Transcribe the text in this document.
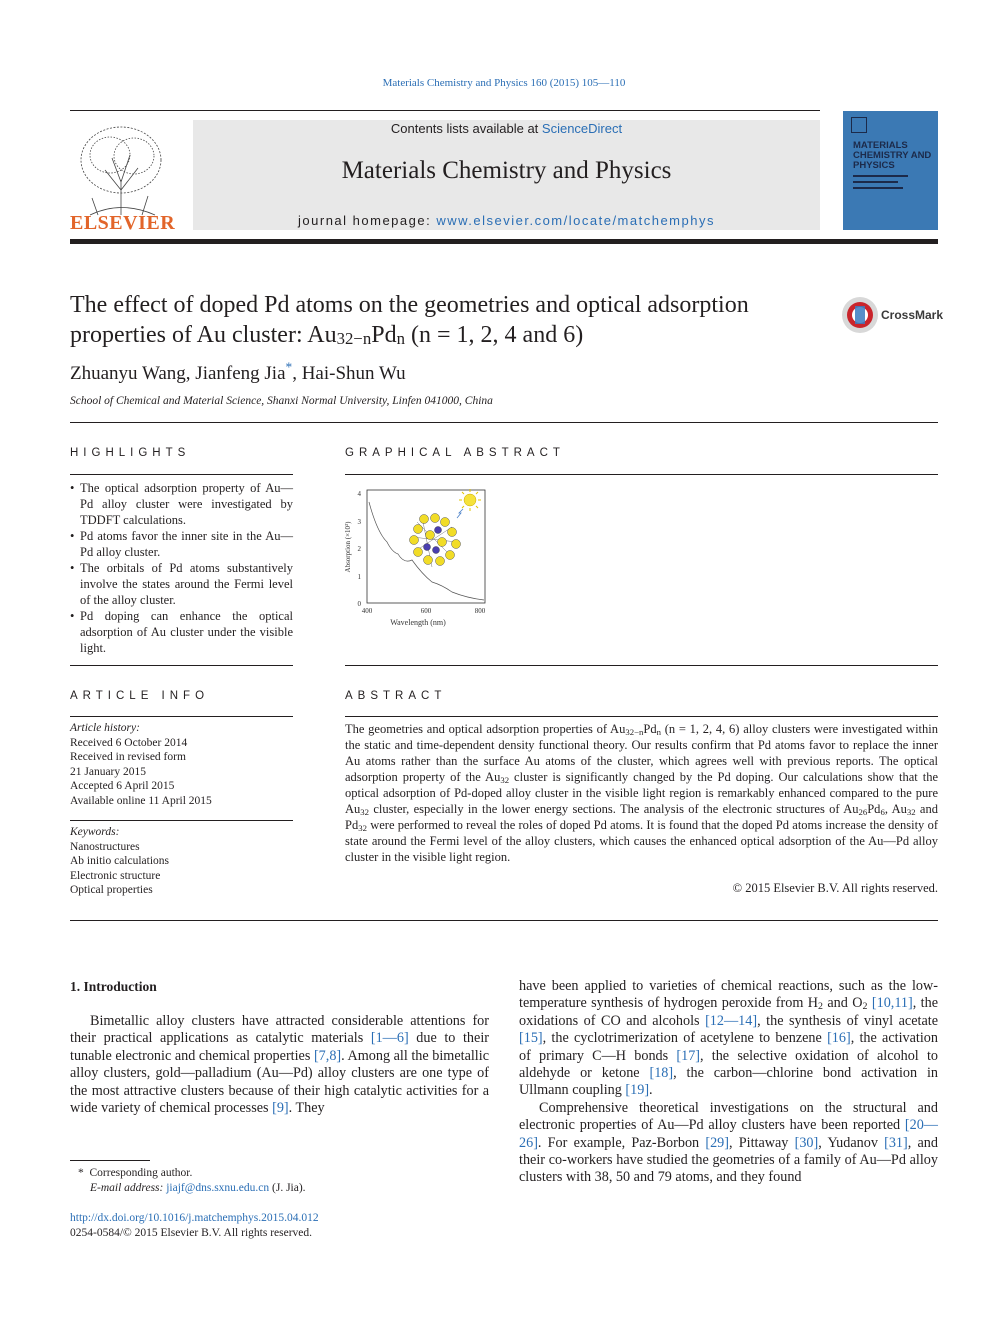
Materials Chemistry and Physics 160 (2015) 105—110
ELSEVIER
Contents lists available at ScienceDirect
Materials Chemistry and Physics
journal homepage: www.elsevier.com/locate/matchemphys
MATERIALS CHEMISTRY AND PHYSICS
The effect of doped Pd atoms on the geometries and optical adsorption
properties of Au cluster: $Au_{32-n}Pd_n$ (n = 1, 2, 4 and 6)
CrossMark
Zhuanyu Wang, Jianfeng Jia*, Hai-Shun Wu
School of Chemical and Material Science, Shanxi Normal University, Linfen 041000, China
HIGHLIGHTS

• The optical adsorption property of Au—Pd alloy cluster were investigated by TDDFT calculations.

• Pd atoms favor the inner site in the Au—Pd alloy cluster.

• The orbitals of Pd atoms substantively involve the states around the Fermi level of the alloy cluster.

• Pd doping can enhance the optical adsorption of Au cluster under the visible light.

GRAPHICAL ABSTRACT
0
1
2
3
4
400	600	800
Wavelength (nm)
Absorption (×10³)
ARTICLE INFO
Article history:
Received 6 October 2014
Received in revised form
21 January 2015
Accepted 6 April 2015
Available online 11 April 2015
Keywords:
Nanostructures
Ab initio calculations
Electronic structure
Optical properties
ABSTRACT
The geometries and optical adsorption properties of $Au_{32-n}Pd_n$ (n = 1, 2, 4, 6) alloy clusters were investigated within the static and time-dependent density functional theory. Our results confirm that Pd atoms favor to replace the inner Au atoms rather than the surface Au atoms of the cluster, which agrees well with previous reports. The optical adsorption property of the $Au_{32}$ cluster is significantly changed by the Pd doping. Our calculations show that the optical adsorption of Pd-doped alloy cluster in the visible light region is remarkably enhanced compared to the pure $Au_{32}$ cluster, especially in the lower energy sections. The analysis of the electronic structures of $Au_{26}Pd_6$, $Au_{32}$ and $Pd_{32}$ were performed to reveal the roles of doped Pd atoms. It is found that the doped Pd atoms increase the density of state around the Fermi level of the alloy clusters, which causes the enhanced optical adsorption of the Au—Pd alloy cluster in the visible light region.
© 2015 Elsevier B.V. All rights reserved.
1. Introduction

Bimetallic alloy clusters have attracted considerable attentions for their practical applications as catalytic materials [1—6] due to their tunable electronic and chemical properties [7,8]. Among all the bimetallic alloy clusters, gold—palladium (Au—Pd) alloy clusters are one type of the most attractive clusters because of their high catalytic activities for a wide variety of chemical processes [9]. They

have been applied to varieties of chemical reactions, such as the low-temperature synthesis of hydrogen peroxide from $H_2$ and $O_2$ [10,11], the oxidations of CO and alcohols [12—14], the synthesis of vinyl acetate [15], the cyclotrimerization of acetylene to benzene [16], the activation of primary C—H bonds [17], the selective oxidation of alcohol to aldehyde or ketone [18], the carbon—chlorine bond activation in Ullmann coupling [19].

Comprehensive theoretical investigations on the structural and electronic properties of Au—Pd alloy clusters have been reported [20—26]. For example, Paz-Borbon [29], Pittaway [30], Yudanov [31], and their co-workers have studied the geometries of a family of Au—Pd alloy clusters with 38, 50 and 79 atoms, and they found

* Corresponding author.
E-mail address: jiajf@dns.sxnu.edu.cn (J. Jia).
http://dx.doi.org/10.1016/j.matchemphys.2015.04.012
0254-0584/© 2015 Elsevier B.V. All rights reserved.
